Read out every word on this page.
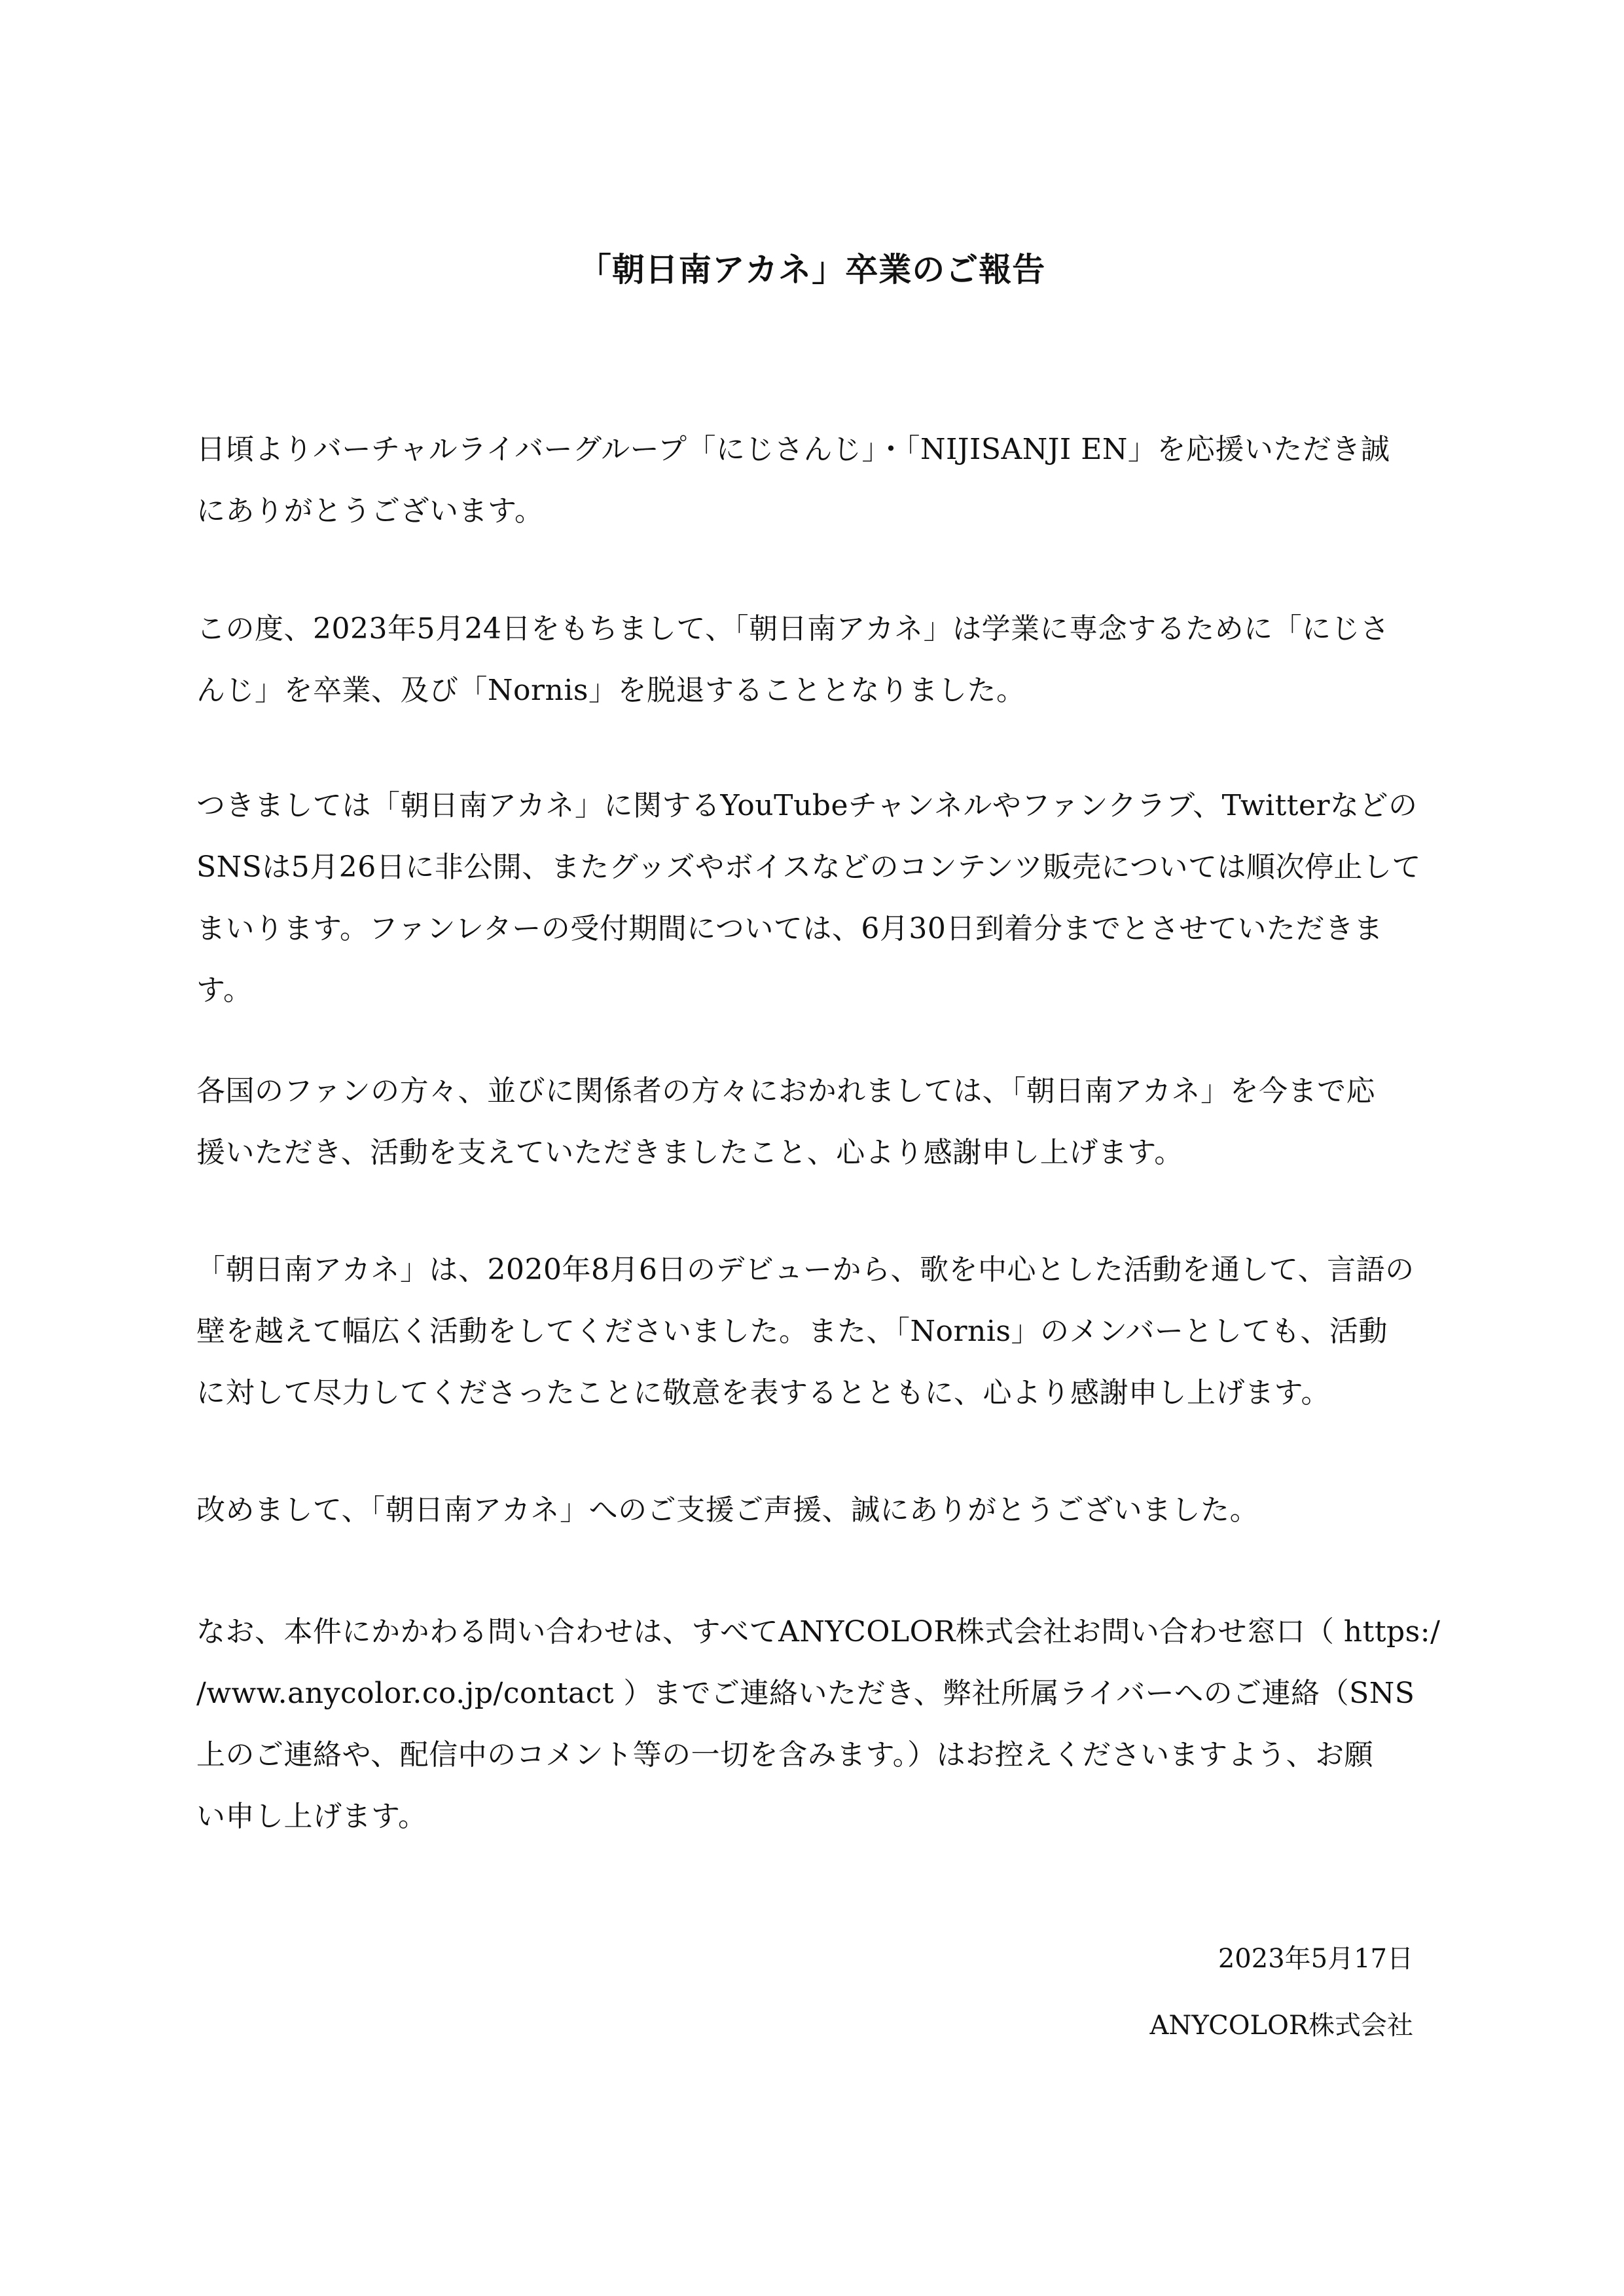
「朝日南アカネ」卒業のご報告
日頃よりバーチャルライバーグループ「にじさんじ」・「NIJISANJI EN」を応援いただき誠
にありがとうございます。
この度、2023年5月24日をもちまして、「朝日南アカネ」は学業に専念するために「にじさ
んじ」を卒業、及び「Nornis」を脱退することとなりました。
つきましては「朝日南アカネ」に関するYouTubeチャンネルやファンクラブ、Twitterなどの
SNSは5月26日に非公開、またグッズやボイスなどのコンテンツ販売については順次停止して
まいります。ファンレターの受付期間については、6月30日到着分までとさせていただきま
す。
各国のファンの方々、並びに関係者の方々におかれましては、「朝日南アカネ」を今まで応
援いただき、活動を支えていただきましたこと、心より感謝申し上げます。
「朝日南アカネ」は、2020年8月6日のデビューから、歌を中心とした活動を通して、言語の
壁を越えて幅広く活動をしてくださいました。また、「Nornis」のメンバーとしても、活動
に対して尽力してくださったことに敬意を表するとともに、心より感謝申し上げます。
改めまして、「朝日南アカネ」へのご支援ご声援、誠にありがとうございました。
なお、本件にかかわる問い合わせは、すべてANYCOLOR株式会社お問い合わせ窓口（ https:/
/www.anycolor.co.jp/contact ）までご連絡いただき、弊社所属ライバーへのご連絡（SNS
上のご連絡や、配信中のコメント等の一切を含みます。）はお控えくださいますよう、お願
い申し上げます。
2023年5月17日
ANYCOLOR株式会社
